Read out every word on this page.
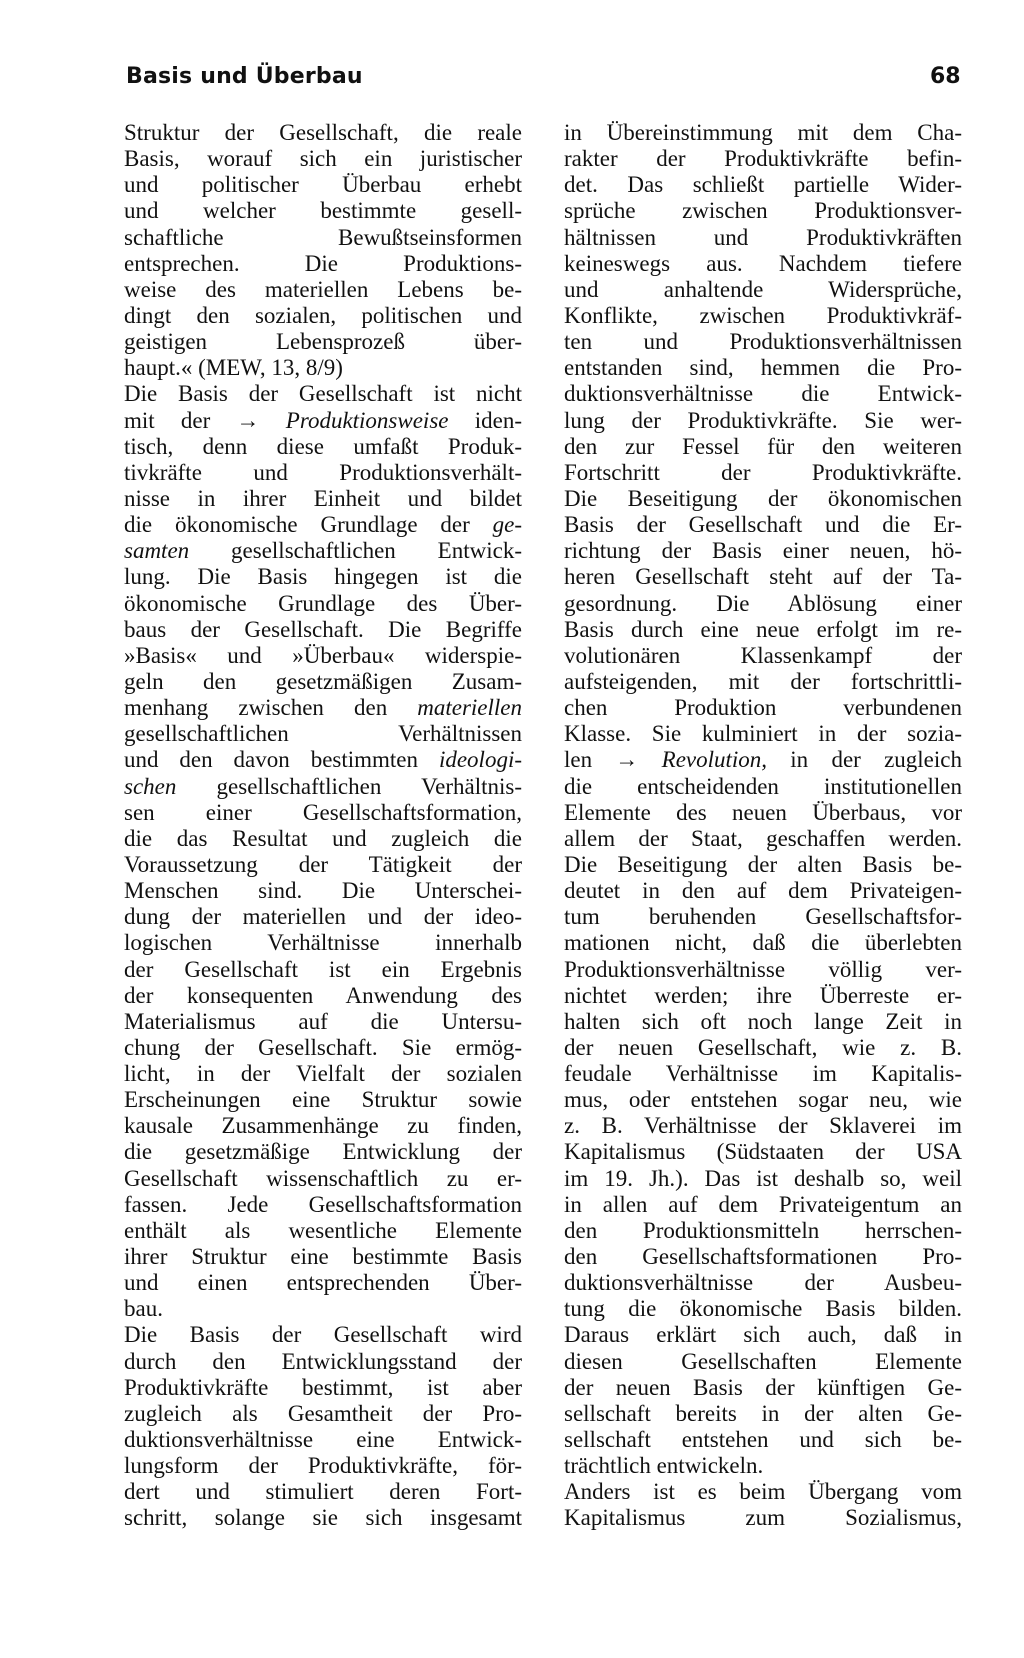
Basis und Überbau	68
Struktur der Gesellschaft, die reale
Basis, worauf sich ein juristischer
und politischer Überbau erhebt
und welcher bestimmte gesell-
schaftliche Bewußtseinsformen
entsprechen. Die Produktions-
weise des materiellen Lebens be-
dingt den sozialen, politischen und
geistigen Lebensprozeß über-
haupt.« (MEW, 13, 8/9)
Die Basis der Gesellschaft ist nicht
mit der → Produktionsweise iden-
tisch, denn diese umfaßt Produk-
tivkräfte und Produktionsverhält-
nisse in ihrer Einheit und bildet
die ökonomische Grundlage der ge-
samten gesellschaftlichen Entwick-
lung. Die Basis hingegen ist die
ökonomische Grundlage des Über-
baus der Gesellschaft. Die Begriffe
»Basis« und »Überbau« widerspie-
geln den gesetzmäßigen Zusam-
menhang zwischen den materiellen
gesellschaftlichen Verhältnissen
und den davon bestimmten ideologi-
schen gesellschaftlichen Verhältnis-
sen einer Gesellschaftsformation,
die das Resultat und zugleich die
Voraussetzung der Tätigkeit der
Menschen sind. Die Unterschei-
dung der materiellen und der ideo-
logischen Verhältnisse innerhalb
der Gesellschaft ist ein Ergebnis
der konsequenten Anwendung des
Materialismus auf die Untersu-
chung der Gesellschaft. Sie ermög-
licht, in der Vielfalt der sozialen
Erscheinungen eine Struktur sowie
kausale Zusammenhänge zu finden,
die gesetzmäßige Entwicklung der
Gesellschaft wissenschaftlich zu er-
fassen. Jede Gesellschaftsformation
enthält als wesentliche Elemente
ihrer Struktur eine bestimmte Basis
und einen entsprechenden Über-
bau.
Die Basis der Gesellschaft wird
durch den Entwicklungsstand der
Produktivkräfte bestimmt, ist aber
zugleich als Gesamtheit der Pro-
duktionsverhältnisse eine Entwick-
lungsform der Produktivkräfte, för-
dert und stimuliert deren Fort-
schritt, solange sie sich insgesamt
in Übereinstimmung mit dem Cha-
rakter der Produktivkräfte befin-
det. Das schließt partielle Wider-
sprüche zwischen Produktionsver-
hältnissen und Produktivkräften
keineswegs aus. Nachdem tiefere
und anhaltende Widersprüche,
Konflikte, zwischen Produktivkräf-
ten und Produktionsverhältnissen
entstanden sind, hemmen die Pro-
duktionsverhältnisse die Entwick-
lung der Produktivkräfte. Sie wer-
den zur Fessel für den weiteren
Fortschritt der Produktivkräfte.
Die Beseitigung der ökonomischen
Basis der Gesellschaft und die Er-
richtung der Basis einer neuen, hö-
heren Gesellschaft steht auf der Ta-
gesordnung. Die Ablösung einer
Basis durch eine neue erfolgt im re-
volutionären Klassenkampf der
aufsteigenden, mit der fortschrittli-
chen Produktion verbundenen
Klasse. Sie kulminiert in der sozia-
len → Revolution, in der zugleich
die entscheidenden institutionellen
Elemente des neuen Überbaus, vor
allem der Staat, geschaffen werden.
Die Beseitigung der alten Basis be-
deutet in den auf dem Privateigen-
tum beruhenden Gesellschaftsfor-
mationen nicht, daß die überlebten
Produktionsverhältnisse völlig ver-
nichtet werden; ihre Überreste er-
halten sich oft noch lange Zeit in
der neuen Gesellschaft, wie z. B.
feudale Verhältnisse im Kapitalis-
mus, oder entstehen sogar neu, wie
z. B. Verhältnisse der Sklaverei im
Kapitalismus (Südstaaten der USA
im 19. Jh.). Das ist deshalb so, weil
in allen auf dem Privateigentum an
den Produktionsmitteln herrschen-
den Gesellschaftsformationen Pro-
duktionsverhältnisse der Ausbeu-
tung die ökonomische Basis bilden.
Daraus erklärt sich auch, daß in
diesen Gesellschaften Elemente
der neuen Basis der künftigen Ge-
sellschaft bereits in der alten Ge-
sellschaft entstehen und sich be-
trächtlich entwickeln.
Anders ist es beim Übergang vom
Kapitalismus zum Sozialismus,
